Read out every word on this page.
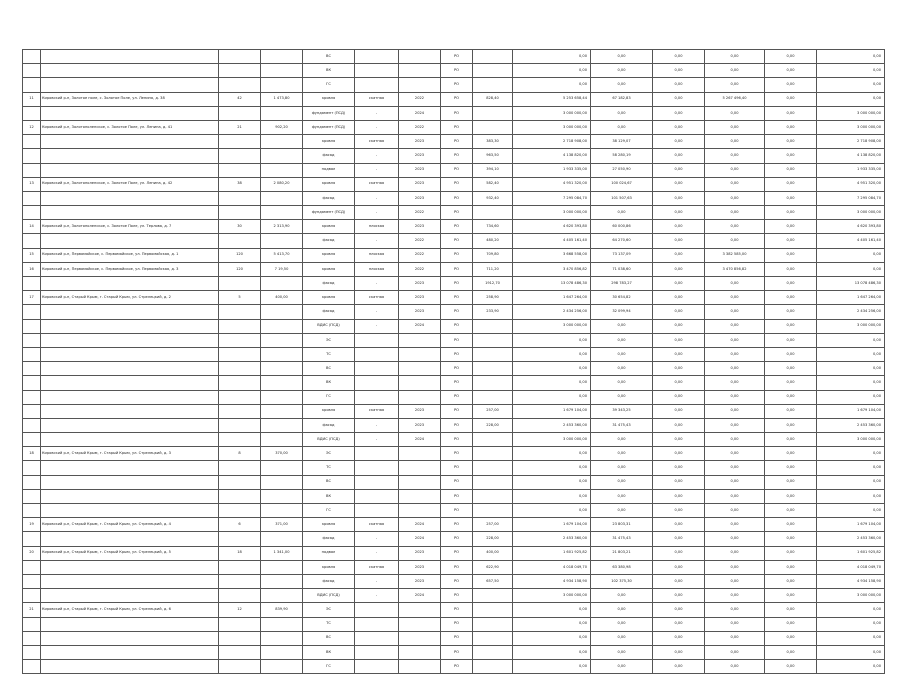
				ВС			РО		0,00	0,00	0,00	0,00	0,00	0,00
				ВК			РО		0,00	0,00	0,00	0,00	0,00	0,00
				ГС			РО		0,00	0,00	0,00	0,00	0,00	0,00
11	Кировский р-н, Золотое поле, с. Золотое Поле, ул. Ленина, д. 38	42	1 473,80	кровля	скатная	2022	РО	828,40	5 253 658,44	67 182,83	0,00	5 267 496,40	0,00	0,00
				фундамент (ПСД)	-	2024	РО		3 000 000,00	0,00	0,00	0,00	0,00	3 000 000,00
12	Кировский р-н, Золотополенское, с. Золотое Поле, ул. Ленина, д. 41	21	902,20	фундамент (ПСД)	-	2022	РО		3 000 000,00	0,00	0,00	0,00	0,00	3 000 000,00
				кровля	скатная	2023	РО	383,30	2 718 908,00	38 129,07	0,00	0,00	0,00	2 718 908,00
				фасад	-	2023	РО	963,50	4 138 820,00	58 280,19	0,00	0,00	0,00	4 138 820,00
				подвал	-	2023	РО	394,10	1 933 335,00	27 050,90	0,00	0,00	0,00	1 933 335,00
13	Кировский р-н, Золотополенское, с. Золотое Поле, ул. Ленина, д. 42	38	2 080,20	кровля	скатная	2023	РО	582,40	4 951 320,00	100 024,67	0,00	0,00	0,00	4 951 320,00
				фасад	-	2023	РО	932,40	7 295 084,70	101 507,63	0,00	0,00	0,00	7 295 084,70
				фундамент (ПСД)	-	2022	РО		3 000 000,00	0,00	0,00	0,00	0,00	3 000 000,00
14	Кировский р-н, Золотополенское, с. Золотое Поле, ул. Терлова, д. 7	30	2 313,90	кровля	плоская	2023	РО	734,60	4 620 393,80	60 000,86	0,00	0,00	0,00	4 620 393,80
				фасад	-	2022	РО	480,20	4 405 161,40	64 270,60	0,00	0,00	0,00	4 405 161,40
15	Кировский р-н, Первомайское, с. Первомайское, ул. Первомайская, д. 1	120	5 413,70	кровля	плоская	2022	РО	709,80	3 668 558,00	73 137,09	0,00	3 382 585,00	0,00	0,00
16	Кировский р-н, Первомайское, с. Первомайское, ул. Первомайская, д. 3	120	7 19,50	кровля	плоская	2022	РО	711,20	3 470 856,82	71 038,60	0,00	3 470 856,82	0,00	0,00
				фасад	-	2023	РО	1912,70	13 078 486,30	298 783,27	0,00	0,00	0,00	13 078 486,30
17	Кировский р-н, Старый Крым, г. Старый Крым, ул. Стрелецкий, д. 2	5	400,00	кровля	скатная	2023	РО	258,90	1 647 264,00	30 654,82	0,00	0,00	0,00	1 647 264,00
				фасад	-	2023	РО	233,90	2 434 256,00	32 099,94	0,00	0,00	0,00	2 434 256,00
				ВДИС (ПСД)	-	2024	РО		3 000 000,00	0,00	0,00	0,00	0,00	3 000 000,00
				ЭС			РО		0,00	0,00	0,00	0,00	0,00	0,00
				ТС			РО		0,00	0,00	0,00	0,00	0,00	0,00
				ВС			РО		0,00	0,00	0,00	0,00	0,00	0,00
				ВК			РО		0,00	0,00	0,00	0,00	0,00	0,00
				ГС			РО		0,00	0,00	0,00	0,00	0,00	0,00
				кровля	скатная	2023	РО	257,00	1 679 104,00	39 343,25	0,00	0,00	0,00	1 679 104,00
				фасад	-	2023	РО	228,00	2 453 360,00	31 475,43	0,00	0,00	0,00	2 453 360,00
				ВДИС (ПСД)	-	2024	РО		3 000 000,00	0,00	0,00	0,00	0,00	3 000 000,00
18	Кировский р-н, Старый Крым, г. Старый Крым, ул. Стрелецкий, д. 3	8	370,00	ЭС			РО		0,00	0,00	0,00	0,00	0,00	0,00
				ТС			РО		0,00	0,00	0,00	0,00	0,00	0,00
				ВС			РО		0,00	0,00	0,00	0,00	0,00	0,00
				ВК			РО		0,00	0,00	0,00	0,00	0,00	0,00
				ГС			РО		0,00	0,00	0,00	0,00	0,00	0,00
19	Кировский р-н, Старый Крым, г. Старый Крым, ул. Стрелецкий, д. 4	6	371,00	кровля	скатная	2024	РО	257,00	1 679 104,00	23 803,31	0,00	0,00	0,00	1 679 104,00
				фасад	-	2024	РО	228,00	2 453 360,00	31 475,43	0,00	0,00	0,00	2 453 360,00
20	Кировский р-н, Старый Крым, г. Старый Крым, ул. Стрелецкий, д. 5	18	1 341,00	подвал	-	2023	РО	400,00	1 601 925,82	21 803,21	0,00	0,00	0,00	1 601 925,82
				кровля	скатная	2023	РО	622,90	4 018 049,70	63 380,98	0,00	0,00	0,00	4 018 049,70
				фасад	-	2023	РО	657,50	4 934 158,90	102 375,30	0,00	0,00	0,00	4 934 158,90
				ВДИС (ПСД)	-	2024	РО		3 000 000,00	0,00	0,00	0,00	0,00	3 000 000,00
21	Кировский р-н, Старый Крым, г. Старый Крым, ул. Стрелецкий, д. 6	12	839,90	ЭС			РО		0,00	0,00	0,00	0,00	0,00	0,00
				ТС			РО		0,00	0,00	0,00	0,00	0,00	0,00
				ВС			РО		0,00	0,00	0,00	0,00	0,00	0,00
				ВК			РО		0,00	0,00	0,00	0,00	0,00	0,00
				ГС			РО		0,00	0,00	0,00	0,00	0,00	0,00
